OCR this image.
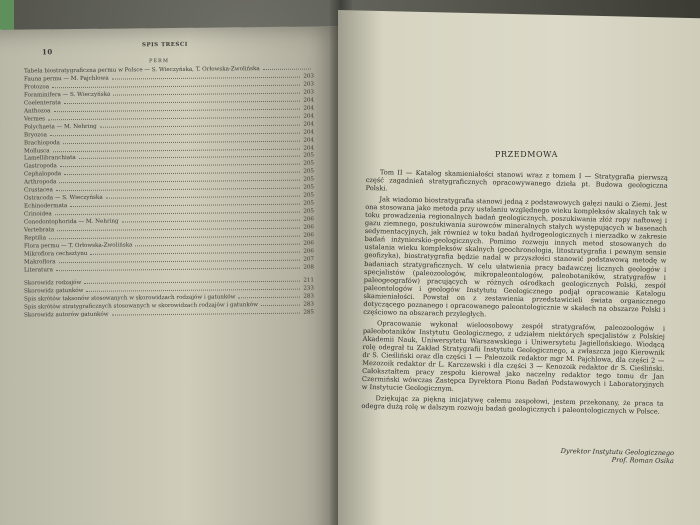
10
SPIS TREŚCI
PERM
Tabela biostratygraficzna permu w Polsce — S. Wieczyńska, T. Orłowska-Zwolińska
Fauna permu — M. Pajchlowa	203
Protozoa	203
Foraminifera — S. Wieczyńska	203
Coelenterata	204
Anthozoa	204
Vermes	204
Polychaeta — M. Nehring	204
Bryozoa	204
Brachiopoda	204
Mollusca	204
Lamellibranchiata	205
Gastropoda	205
Cephalopoda	205
Arthropoda	205
Crustacea	205
Ostracoda — S. Wieczyńska	205
Echinodermata	205
Crinoidea	205
Conodontophorida — M. Nehring	206
Vertebrata	206
Reptilia	206
Flora permu — T. Orłowska-Zwolińska	206
Mikroflora cechsztynu	206
Makroflora	207
Literatura	208
Skorowidz rodzajów	211
Skorowidz gatunków	233
Spis skrótów taksonów stosowanych w skorowidzach rodzajów i gatunków	283
Spis skrótów stratygraficznych stosowanych w skorowidzach rodzajów i gatunków	283
Skorowidz autorów gatunków	285
PRZEDMOWA

Tom II — Katalog skamieniałości stanowi wraz z tomem I — Stratygrafia pierwszą część zagadnień stratygraficznych opracowywanego dzieła pt. Budowa geologiczna Polski.

Jak wiadomo biostratygrafia stanowi jedną z podstawowych gałęzi nauki o Ziemi. Jest ona stosowana jako metoda przy ustalaniu względnego wieku kompleksów skalnych tak w toku prowadzenia regionalnych badań geologicznych, poszukiwania złóż ropy naftowej i gazu ziemnego, poszukiwania surowców mineralnych stałych występujących w basenach sedymentacyjnych, jak również w toku badań hydrogeologicznych i nierzadko w zakresie badań inżynierskio-geologicznych. Pomimo rozwoju innych metod stosowanych do ustalania wieku kompleksów skalnych (geochronologia, litostratygrafia i pewnym sensie geofizyka), biostratygrafia będzie nadal w przyszłości stanowić podstawową metodę w badaniach stratygraficznych. W celu ułatwienia pracy badawczej licznych geologów i specjalistów (paleozoologów, mikropaleontologów, paleobotaników, stratygrafów i paleogeografów) pracujących w różnych ośrodkach geologicznych Polski, zespół paleontologów i geologów Instytutu Geologicznego podjął opracowanie Katalogu skamieniałości. Powstał on z zestawienia przedstawicieli świata organicznego dotyczącego poznanego i opracowanego paleontologicznie w skałach na obszarze Polski i częściowo na obszarach przyległych.

Opracowanie wykonał wieloosobowy zespół stratygrafów, paleozoologów i paleobotaników Instytutu Geologicznego, z udziałem niektórych specjalistów z Polskiej Akademii Nauk, Uniwersytetu Warszawskiego i Uniwersytetu Jagiellońskiego. Wiodącą rolę odegrał tu Zakład Stratygrafii Instytutu Geologicznego, a zwłaszcza jego Kierownik dr S. Cieśliński oraz dla części 1 — Paleozoik redaktor mgr M. Pajchlowa, dla części 2 — Mezozoik redaktor dr L. Karczewski i dla części 3 — Kenozoik redaktor dr S. Cieśliński. Całokształtem pracy zespołu kierował jako naczelny redaktor tego tomu dr Jan Czermiński wówczas Zastępca Dyrektora Pionu Badań Podstawowych i Laboratoryjnych w Instytucie Geologicznym.

Dziękując za piękną inicjatywę całemu zespołowi, jestem przekonany, że praca ta odegra dużą rolę w dalszym rozwoju badań geologicznych i paleontologicznych w Polsce.

Dyrektor Instytutu Geologicznego
Prof. Roman Osika
